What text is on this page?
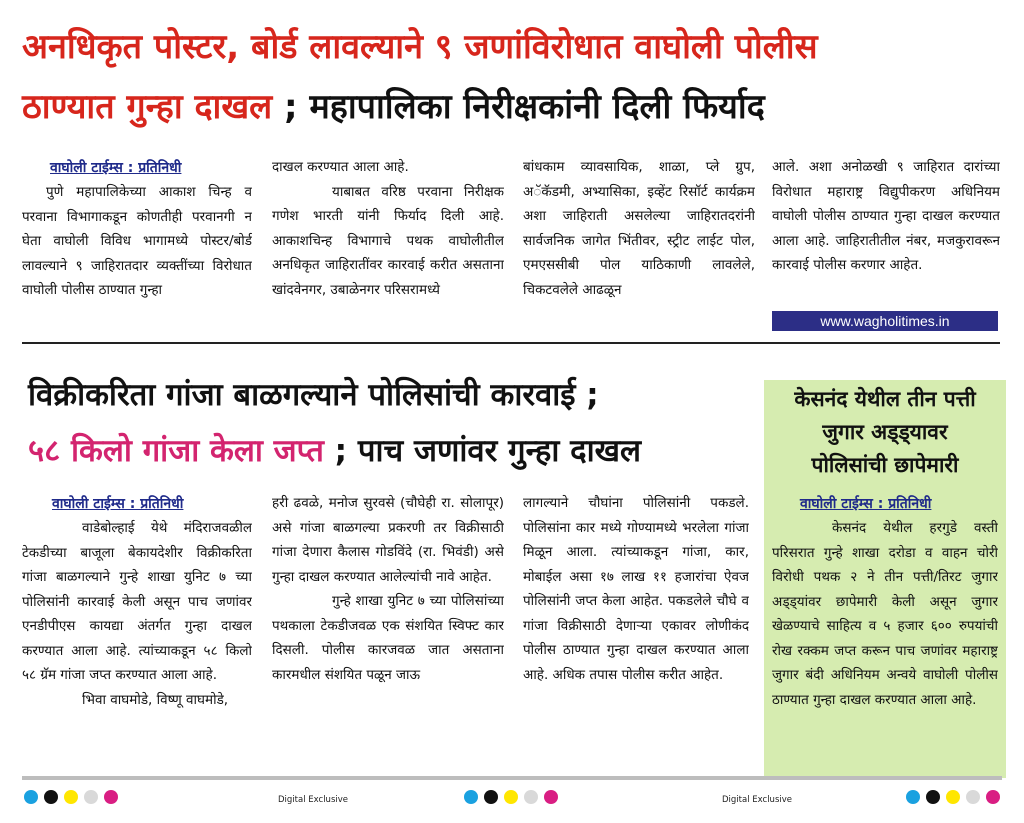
अनधिकृत पोस्टर, बोर्ड लावल्याने ९ जणांविरोधात वाघोली पोलीस
ठाण्यात गुन्हा दाखल ; महापालिका निरीक्षकांनी दिली फिर्याद
वाघोली टाईम्स : प्रतिनिधी

पुणे महापालिकेच्या आकाश चिन्ह व परवाना विभागाकडून कोणतीही परवानगी न घेता वाघोली विविध भागामध्ये पोस्टर/बोर्ड लावल्याने ९ जाहिरातदार व्यक्तींच्या विरोधात वाघोली पोलीस ठाण्यात गुन्हा

दाखल करण्यात आला आहे.

याबाबत वरिष्ठ परवाना निरीक्षक गणेश भारती यांनी फिर्याद दिली आहे. आकाशचिन्ह विभागाचे पथक वाघोलीतील अनधिकृत जाहिरातींवर कारवाई करीत असताना खांदवेनगर, उबाळेनगर परिसरामध्ये

बांधकाम व्यावसायिक, शाळा, प्ले ग्रुप, अॅकॅडमी, अभ्यासिका, इव्हेंट रिसॉर्ट कार्यक्रम अशा जाहिराती असलेल्या जाहिरातदरांनी सार्वजनिक जागेत भिंतीवर, स्ट्रीट लाईट पोल, एमएससीबी पोल याठिकाणी लावलेले, चिकटवलेले आढळून

आले. अशा अनोळखी ९ जाहिरात दारांच्या विरोधात महाराष्ट्र विद्युपीकरण अधिनियम वाघोली पोलीस ठाण्यात गुन्हा दाखल करण्यात आला आहे. जाहिरातीतील नंबर, मजकुरावरून कारवाई पोलीस करणार आहेत.

www.wagholitimes.in
विक्रीकरिता गांजा बाळगल्याने पोलिसांची कारवाई ;
५८ किलो गांजा केला जप्त ; पाच जणांवर गुन्हा दाखल
वाघोली टाईम्स : प्रतिनिधी

वाडेबोल्हाई येथे मंदिराजवळील टेकडीच्या बाजूला बेकायदेशीर विक्रीकरिता गांजा बाळगल्याने गुन्हे शाखा युनिट ७ च्या पोलिसांनी कारवाई केली असून पाच जणांवर एनडीपीएस कायद्या अंतर्गत गुन्हा दाखल करण्यात आला आहे. त्यांच्याकडून ५८ किलो ५८ ग्रॅम गांजा जप्त करण्यात आला आहे.

भिवा वाघमोडे, विष्णू वाघमोडे,

हरी ढवळे, मनोज सुरवसे (चौघेही रा. सोलापूर) असे गांजा बाळगल्या प्रकरणी तर विक्रीसाठी गांजा देणारा कैलास गोडविंदे (रा. भिवंडी) असे गुन्हा दाखल करण्यात आलेल्यांची नावे आहेत.

गुन्हे शाखा युनिट ७ च्या पोलिसांच्या पथकाला टेकडीजवळ एक संशयित स्विफ्ट कार दिसली. पोलीस कारजवळ जात असताना कारमधील संशयित पळून जाऊ

लागल्याने चौघांना पोलिसांनी पकडले. पोलिसांना कार मध्ये गोण्यामध्ये भरलेला गांजा मिळून आला. त्यांच्याकडून गांजा, कार, मोबाईल असा १७ लाख ११ हजारांचा ऐवज पोलिसांनी जप्त केला आहेत. पकडलेले चौघे व गांजा विक्रीसाठी देणाऱ्या एकावर लोणीकंद पोलीस ठाण्यात गुन्हा दाखल करण्यात आला आहे. अधिक तपास पोलीस करीत आहेत.

केसनंद येथील तीन पत्ती
जुगार अड्ड्यावर
पोलिसांची छापेमारी
वाघोली टाईम्स : प्रतिनिधी

केसनंद येथील हरगुडे वस्ती परिसरात गुन्हे शाखा दरोडा व वाहन चोरी विरोधी पथक २ ने तीन पत्ती/तिरट जुगार अड्ड्यांवर छापेमारी केली असून जुगार खेळण्याचे साहित्य व ५ हजार ६०० रुपयांची रोख रक्कम जप्त करून पाच जणांवर महाराष्ट्र जुगार बंदी अधिनियम अन्वये वाघोली पोलीस ठाण्यात गुन्हा दाखल करण्यात आला आहे.

Digital Exclusive	Digital Exclusive
